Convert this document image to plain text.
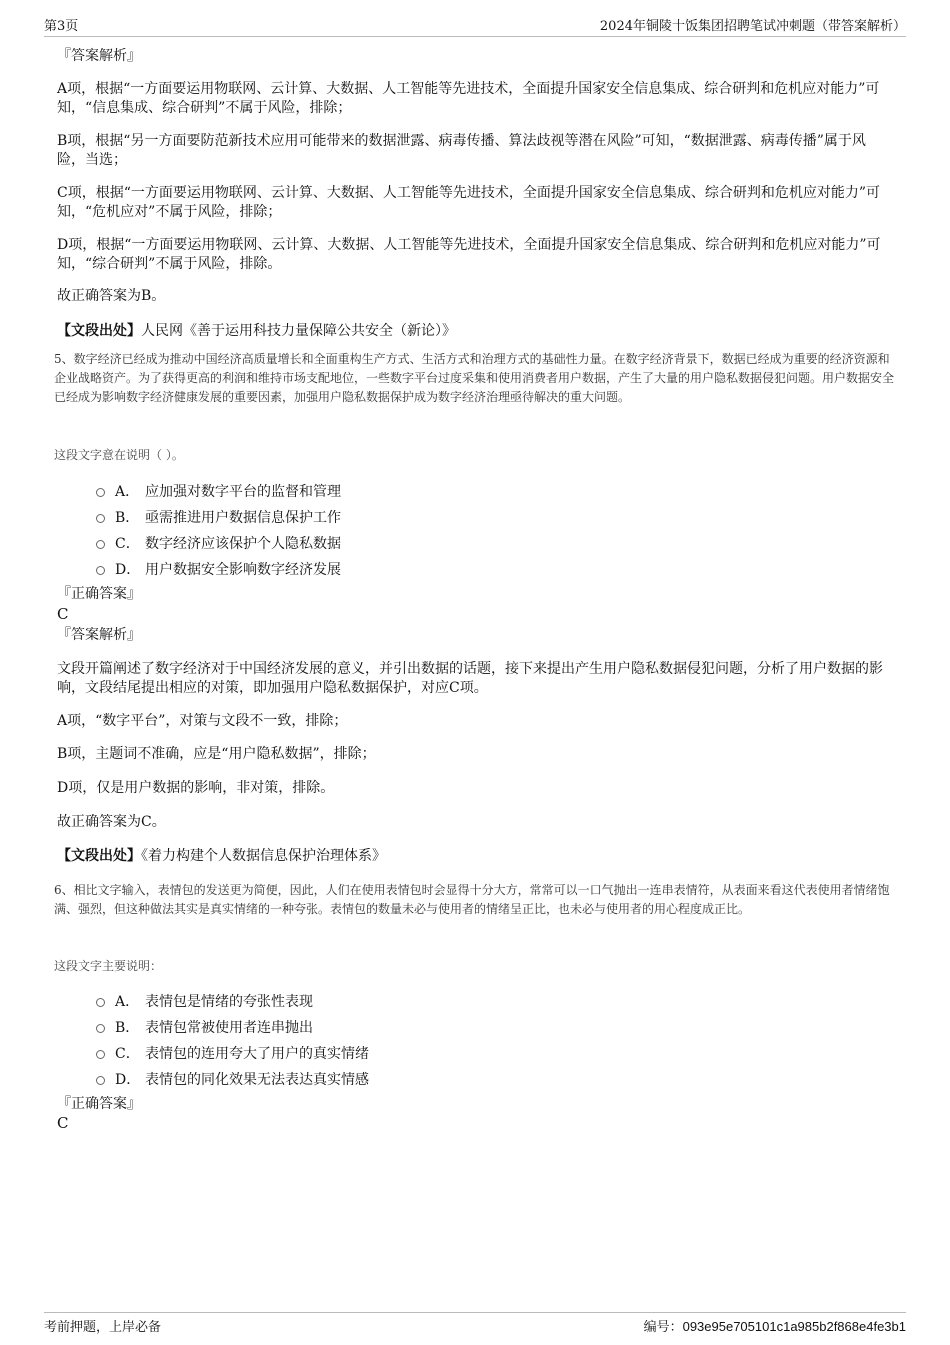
第3页	2024年铜陵十饭集团招聘笔试冲刺题（带答案解析）

『答案解析』

A项，根据“一方面要运用物联网、云计算、大数据、人工智能等先进技术，全面提升国家安全信息集成、综合研判和危机应对能力”可知，“信息集成、综合研判”不属于风险，排除；

B项，根据“另一方面要防范新技术应用可能带来的数据泄露、病毒传播、算法歧视等潜在风险”可知，“数据泄露、病毒传播”属于风险，当选；

C项，根据“一方面要运用物联网、云计算、大数据、人工智能等先进技术，全面提升国家安全信息集成、综合研判和危机应对能力”可知，“危机应对”不属于风险，排除；

D项，根据“一方面要运用物联网、云计算、大数据、人工智能等先进技术，全面提升国家安全信息集成、综合研判和危机应对能力”可知，“综合研判”不属于风险，排除。

故正确答案为B。

【文段出处】人民网《善于运用科技力量保障公共安全（新论）》

5、数字经济已经成为推动中国经济高质量增长和全面重构生产方式、生活方式和治理方式的基础性力量。在数字经济背景下，数据已经成为重要的经济资源和企业战略资产。为了获得更高的利润和维持市场支配地位，一些数字平台过度采集和使用消费者用户数据，产生了大量的用户隐私数据侵犯问题。用户数据安全已经成为影响数字经济健康发展的重要因素，加强用户隐私数据保护成为数字经济治理亟待解决的重大问题。

这段文字意在说明（ ）。

A． 应加强对数字平台的监督和管理
B． 亟需推进用户数据信息保护工作
C． 数字经济应该保护个人隐私数据
D． 用户数据安全影响数字经济发展

『正确答案』

C

『答案解析』

文段开篇阐述了数字经济对于中国经济发展的意义，并引出数据的话题，接下来提出产生用户隐私数据侵犯问题，分析了用户数据的影响，文段结尾提出相应的对策，即加强用户隐私数据保护，对应C项。

A项，“数字平台”，对策与文段不一致，排除；

B项，主题词不准确，应是“用户隐私数据”，排除；

D项，仅是用户数据的影响，非对策，排除。

故正确答案为C。

【文段出处】《着力构建个人数据信息保护治理体系》

6、相比文字输入，表情包的发送更为简便，因此，人们在使用表情包时会显得十分大方，常常可以一口气抛出一连串表情符，从表面来看这代表使用者情绪饱满、强烈，但这种做法其实是真实情绪的一种夸张。表情包的数量未必与使用者的情绪呈正比，也未必与使用者的用心程度成正比。

这段文字主要说明：

A． 表情包是情绪的夸张性表现
B． 表情包常被使用者连串抛出
C． 表情包的连用夸大了用户的真实情绪
D． 表情包的同化效果无法表达真实情感

『正确答案』

C

考前押题，上岸必备	编号：093e95e705101c1a985b2f868e4fe3b1
